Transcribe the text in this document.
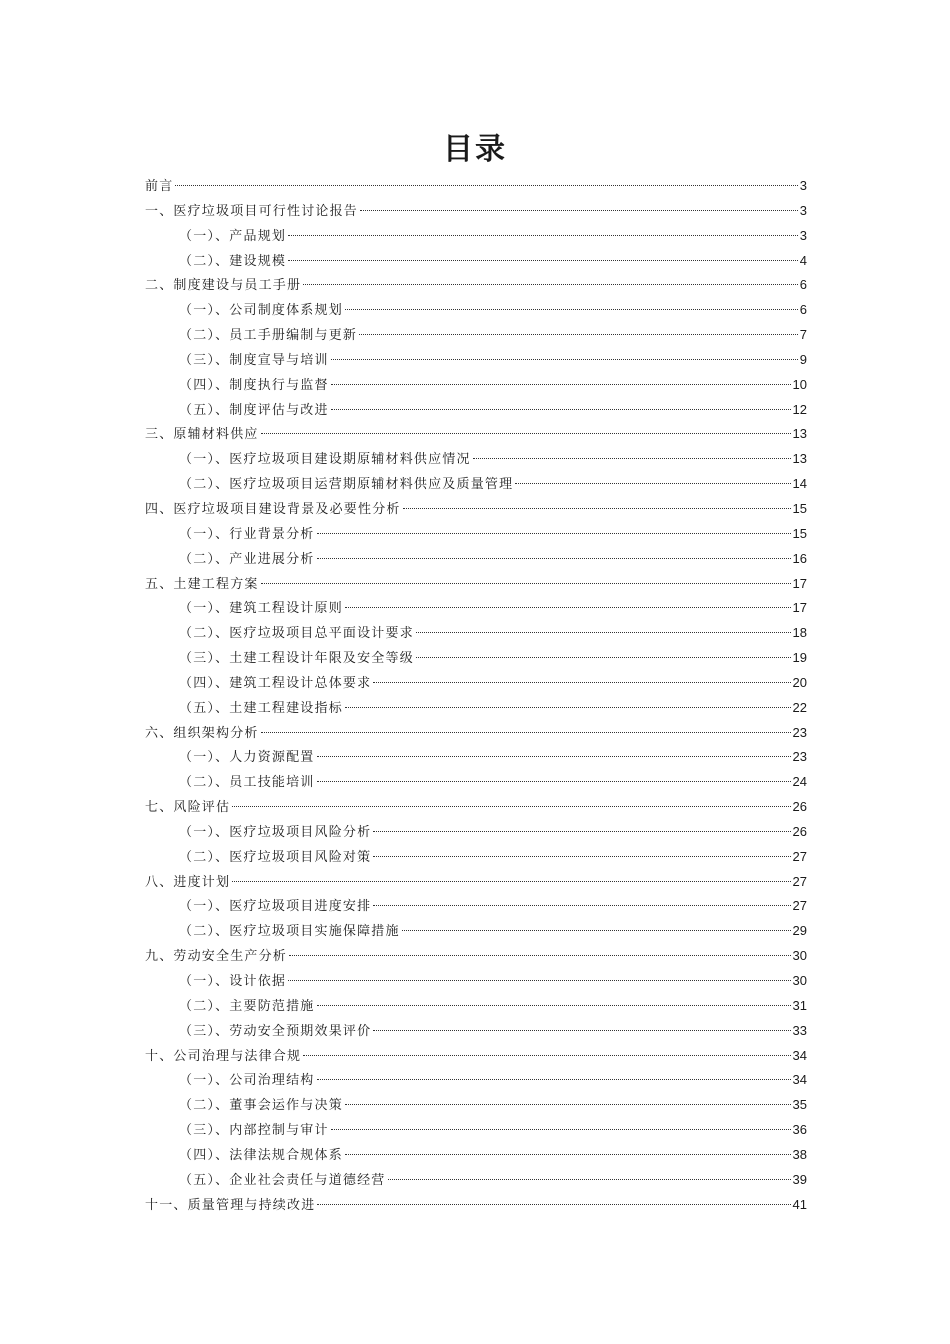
目录
前言	3
一、医疗垃圾项目可行性讨论报告	3
（一）、产品规划	3
（二）、建设规模	4
二、制度建设与员工手册	6
（一）、公司制度体系规划	6
（二）、员工手册编制与更新	7
（三）、制度宣导与培训	9
（四）、制度执行与监督	10
（五）、制度评估与改进	12
三、原辅材料供应	13
（一）、医疗垃圾项目建设期原辅材料供应情况	13
（二）、医疗垃圾项目运营期原辅材料供应及质量管理	14
四、医疗垃圾项目建设背景及必要性分析	15
（一）、行业背景分析	15
（二）、产业进展分析	16
五、土建工程方案	17
（一）、建筑工程设计原则	17
（二）、医疗垃圾项目总平面设计要求	18
（三）、土建工程设计年限及安全等级	19
（四）、建筑工程设计总体要求	20
（五）、土建工程建设指标	22
六、组织架构分析	23
（一）、人力资源配置	23
（二）、员工技能培训	24
七、风险评估	26
（一）、医疗垃圾项目风险分析	26
（二）、医疗垃圾项目风险对策	27
八、进度计划	27
（一）、医疗垃圾项目进度安排	27
（二）、医疗垃圾项目实施保障措施	29
九、劳动安全生产分析	30
（一）、设计依据	30
（二）、主要防范措施	31
（三）、劳动安全预期效果评价	33
十、公司治理与法律合规	34
（一）、公司治理结构	34
（二）、董事会运作与决策	35
（三）、内部控制与审计	36
（四）、法律法规合规体系	38
（五）、企业社会责任与道德经营	39
十一、质量管理与持续改进	41
